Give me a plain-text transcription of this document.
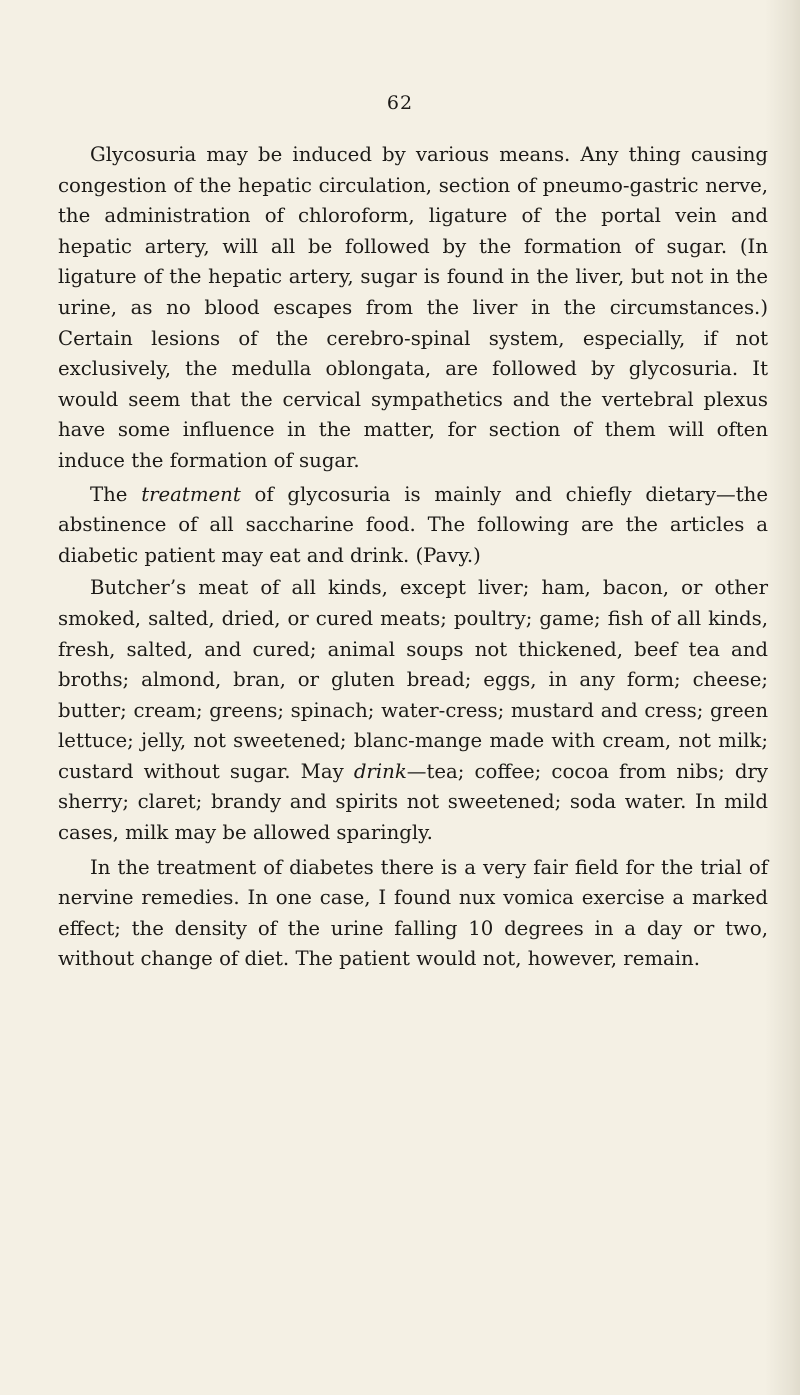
62

Glycosuria may be induced by various means. Any thing causing congestion of the hepatic circulation, section of pneumo-gastric nerve, the administration of chloroform, ligature of the portal vein and hepatic artery, will all be followed by the formation of sugar. (In ligature of the hepatic artery, sugar is found in the liver, but not in the urine, as no blood escapes from the liver in the circumstances.) Certain lesions of the cerebro-spinal system, especially, if not exclusively, the medulla oblongata, are followed by glycosuria. It would seem that the cervical sympathetics and the vertebral plexus have some influence in the matter, for section of them will often induce the formation of sugar.

The treatment of glycosuria is mainly and chiefly dietary—the abstinence of all saccharine food. The following are the articles a diabetic patient may eat and drink. (Pavy.)

Butcher’s meat of all kinds, except liver; ham, bacon, or other smoked, salted, dried, or cured meats; poultry; game; fish of all kinds, fresh, salted, and cured; animal soups not thickened, beef tea and broths; almond, bran, or gluten bread; eggs, in any form; cheese; butter; cream; greens; spinach; water-cress; mustard and cress; green lettuce; jelly, not sweetened; blanc-mange made with cream, not milk; custard without sugar. May drink—tea; coffee; cocoa from nibs; dry sherry; claret; brandy and spirits not sweetened; soda water. In mild cases, milk may be allowed sparingly.

In the treatment of diabetes there is a very fair field for the trial of nervine remedies. In one case, I found nux vomica exercise a marked effect; the density of the urine falling 10 degrees in a day or two, without change of diet. The patient would not, however, remain.
